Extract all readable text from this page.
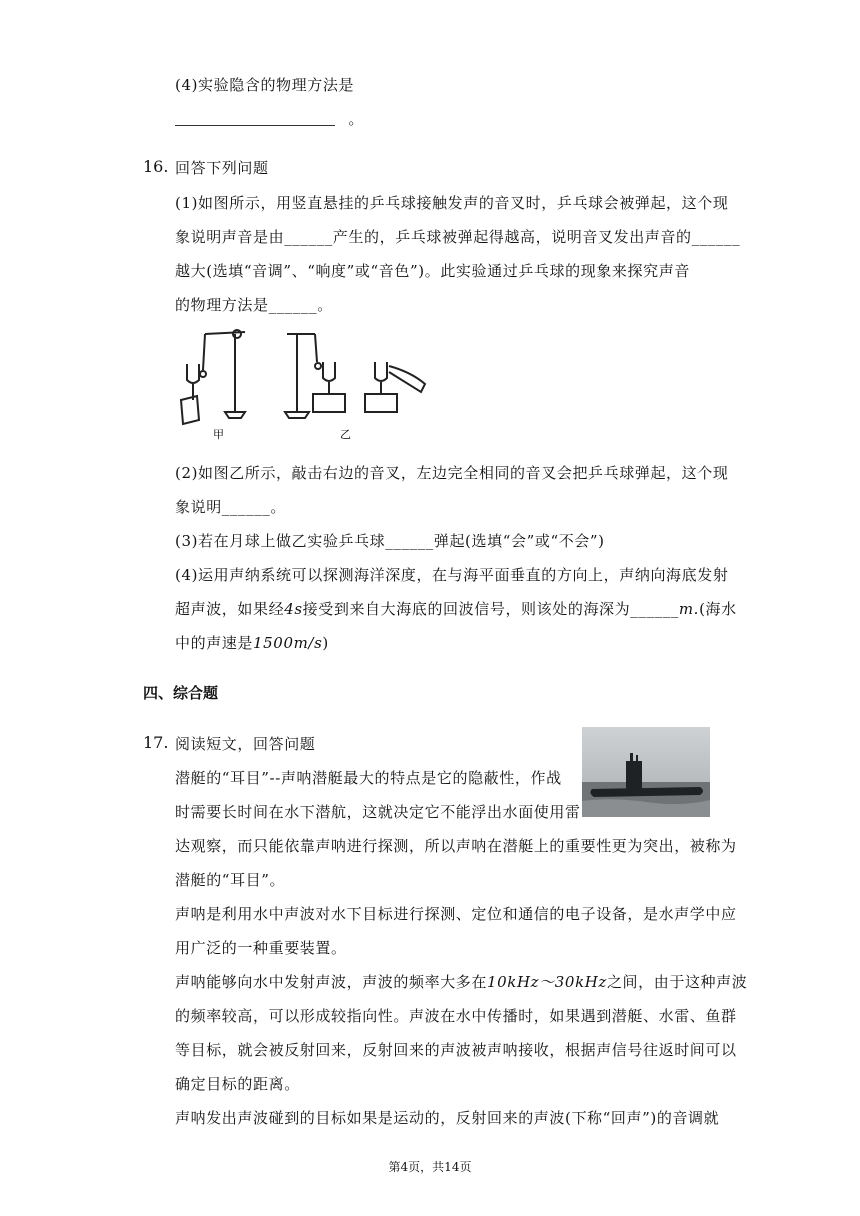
(4)实验隐含的物理方法是
。
16. 回答下列问题
(1)如图所示，用竖直悬挂的乒乓球接触发声的音叉时，乒乓球会被弹起，这个现
象说明声音是由______产生的，乒乓球被弹起得越高，说明音叉发出声音的______
越大(选填“音调”、“响度”或“音色”)。此实验通过乒乓球的现象来探究声音
的物理方法是______。
甲	乙
(2)如图乙所示，敲击右边的音叉，左边完全相同的音叉会把乒乓球弹起，这个现
象说明______。
(3)若在月球上做乙实验乒乓球______弹起(选填“会”或“不会”)
(4)运用声纳系统可以探测海洋深度，在与海平面垂直的方向上，声纳向海底发射
超声波，如果经4s接受到来自大海底的回波信号，则该处的海深为______m.(海水
中的声速是1500m/s)
四、综合题
17. 阅读短文，回答问题
潜艇的“耳目”--声呐潜艇最大的特点是它的隐蔽性，作战
时需要长时间在水下潜航，这就决定它不能浮出水面使用雷
达观察，而只能依靠声呐进行探测，所以声呐在潜艇上的重要性更为突出，被称为
潜艇的“耳目”。
声呐是利用水中声波对水下目标进行探测、定位和通信的电子设备，是水声学中应
用广泛的一种重要装置。
声呐能够向水中发射声波，声波的频率大多在10kHz～30kHz之间，由于这种声波
的频率较高，可以形成较指向性。声波在水中传播时，如果遇到潜艇、水雷、鱼群
等目标，就会被反射回来，反射回来的声波被声呐接收，根据声信号往返时间可以
确定目标的距离。
声呐发出声波碰到的目标如果是运动的，反射回来的声波(下称“回声”)的音调就
第4页，共14页
